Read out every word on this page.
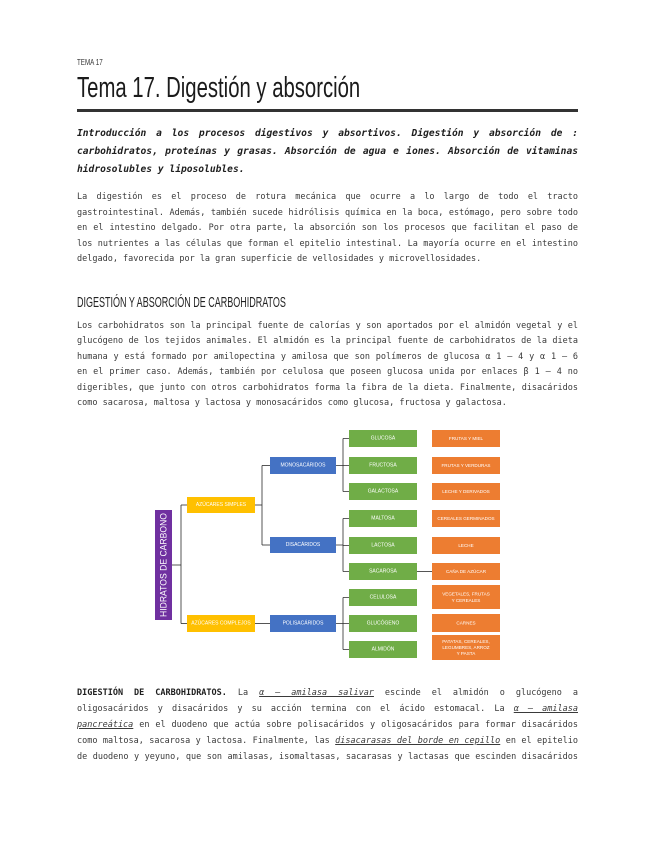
TEMA 17
Tema 17. Digestión y absorción
Introducción a los procesos digestivos y absortivos. Digestión y absorción de :
carbohidratos, proteínas y grasas. Absorción de agua e iones. Absorción de vitaminas
hidrosolubles y liposolubles.
La digestión es el proceso de rotura mecánica que ocurre a lo largo de todo el tracto
gastrointestinal. Además, también sucede hidrólisis química en la boca, estómago, pero sobre todo
en el intestino delgado. Por otra parte, la absorción son los procesos que facilitan el paso de
los nutrientes a las células que forman el epitelio intestinal. La mayoría ocurre en el intestino
delgado, favorecida por la gran superficie de vellosidades y microvellosidades.
DIGESTIÓN Y ABSORCIÓN DE CARBOHIDRATOS
Los carbohidratos son la principal fuente de calorías y son aportados por el almidón vegetal y el
glucógeno de los tejidos animales. El almidón es la principal fuente de carbohidratos de la dieta
humana y está formado por amilopectina y amilosa que son polímeros de glucosa α 1 – 4 y α 1 – 6
en el primer caso. Además, también por celulosa que poseen glucosa unida por enlaces β 1 – 4 no
digeribles, que junto con otros carbohidratos forma la fibra de la dieta. Finalmente, disacáridos
como sacarosa, maltosa y lactosa y monosacáridos como glucosa, fructosa y galactosa.
HIDRATOS DE CARBONO
AZÚCARES SIMPLES
AZÚCARES COMPLEJOS
MONOSACÁRIDOS
DISACÁRIDOS
POLISACÁRIDOS
GLUCOSA
FRUCTOSA
GALACTOSA
MALTOSA
LACTOSA
SACAROSA
CELULOSA
GLUCÓGENO
ALMIDÓN
FRUTAS Y MIEL
FRUTAS Y VERDURAS
LECHE Y DERIVADOS
CEREALES GERMINADOS
LECHE
CAÑA DE AZÚCAR
VEGETALES, FRUTAS
Y CEREALES
CARNES
PATATAS, CEREALES,
LEGUMBRES, ARROZ
Y PASTA
DIGESTIÓN DE CARBOHIDRATOS. La α – amilasa salivar escinde el almidón o glucógeno a
oligosacáridos y disacáridos y su acción termina con el ácido estomacal. La α – amilasa
pancreática en el duodeno que actúa sobre polisacáridos y oligosacáridos para formar disacáridos
como maltosa, sacarosa y lactosa. Finalmente, las disacarasas del borde en cepillo en el epitelio
de duodeno y yeyuno, que son amilasas, isomaltasas, sacarasas y lactasas que escinden disacáridos
